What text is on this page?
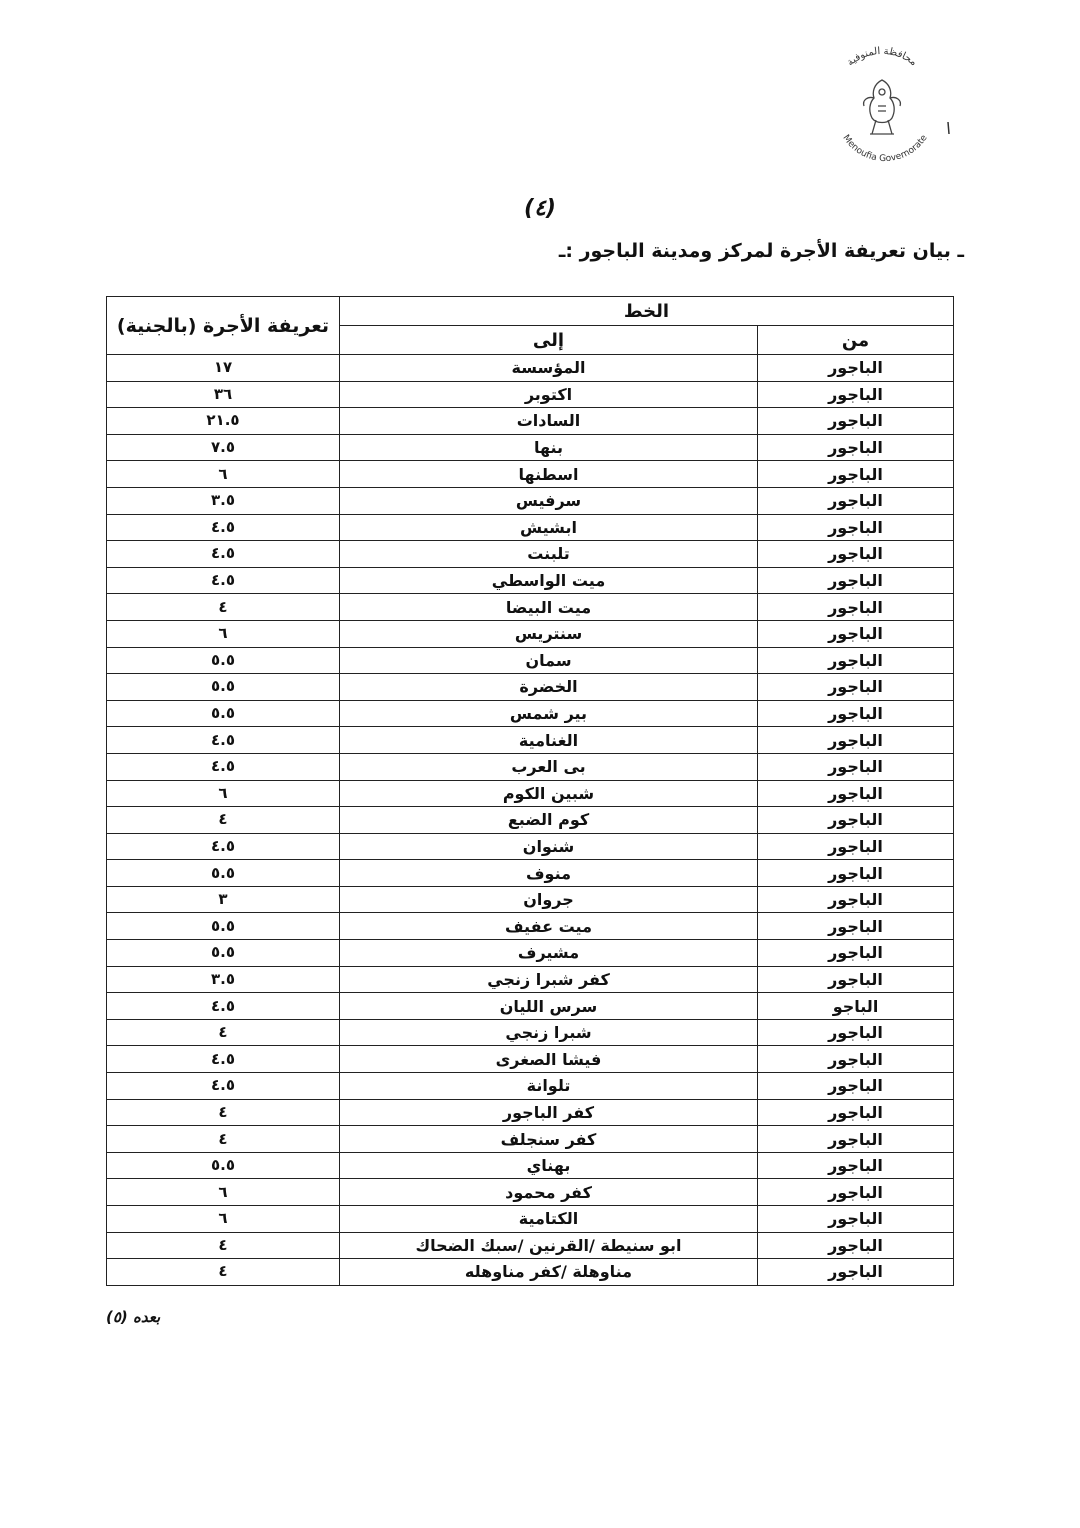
محافظة المنوفية
Menoufia Governorate
(٤)
ـ بيان تعريفة الأجرة لمركز ومدينة الباجور :ـ
الخط		تعريفة الأجرة (بالجنية)
من	إلى	
الباجور	المؤسسة	١٧
الباجور	اكتوبر	٣٦
الباجور	السادات	٢١.٥
الباجور	بنها	٧.٥
الباجور	اسطنها	٦
الباجور	سرفيس	٣.٥
الباجور	ابشيش	٤.٥
الباجور	تلبنت	٤.٥
الباجور	ميت الواسطي	٤.٥
الباجور	ميت البيضا	٤
الباجور	سنتريس	٦
الباجور	سمان	٥.٥
الباجور	الخضرة	٥.٥
الباجور	بير شمس	٥.٥
الباجور	الغنامية	٤.٥
الباجور	بى العرب	٤.٥
الباجور	شبين الكوم	٦
الباجور	كوم الضبع	٤
الباجور	شنوان	٤.٥
الباجور	منوف	٥.٥
الباجور	جروان	٣
الباجور	ميت عفيف	٥.٥
الباجور	مشيرف	٥.٥
الباجور	كفر شبرا زنجي	٣.٥
الباجو	سرس الليان	٤.٥
الباجور	شبرا زنجي	٤
الباجور	فيشا الصغرى	٤.٥
الباجور	تلوانة	٤.٥
الباجور	كفر الباجور	٤
الباجور	كفر سنجلف	٤
الباجور	بهناي	٥.٥
الباجور	كفر محمود	٦
الباجور	الكتامية	٦
الباجور	ابو سنيطة /القرنين /سبك الضحاك	٤
الباجور	مناوهلة /كفر مناوهله	٤
بعده (٥)
